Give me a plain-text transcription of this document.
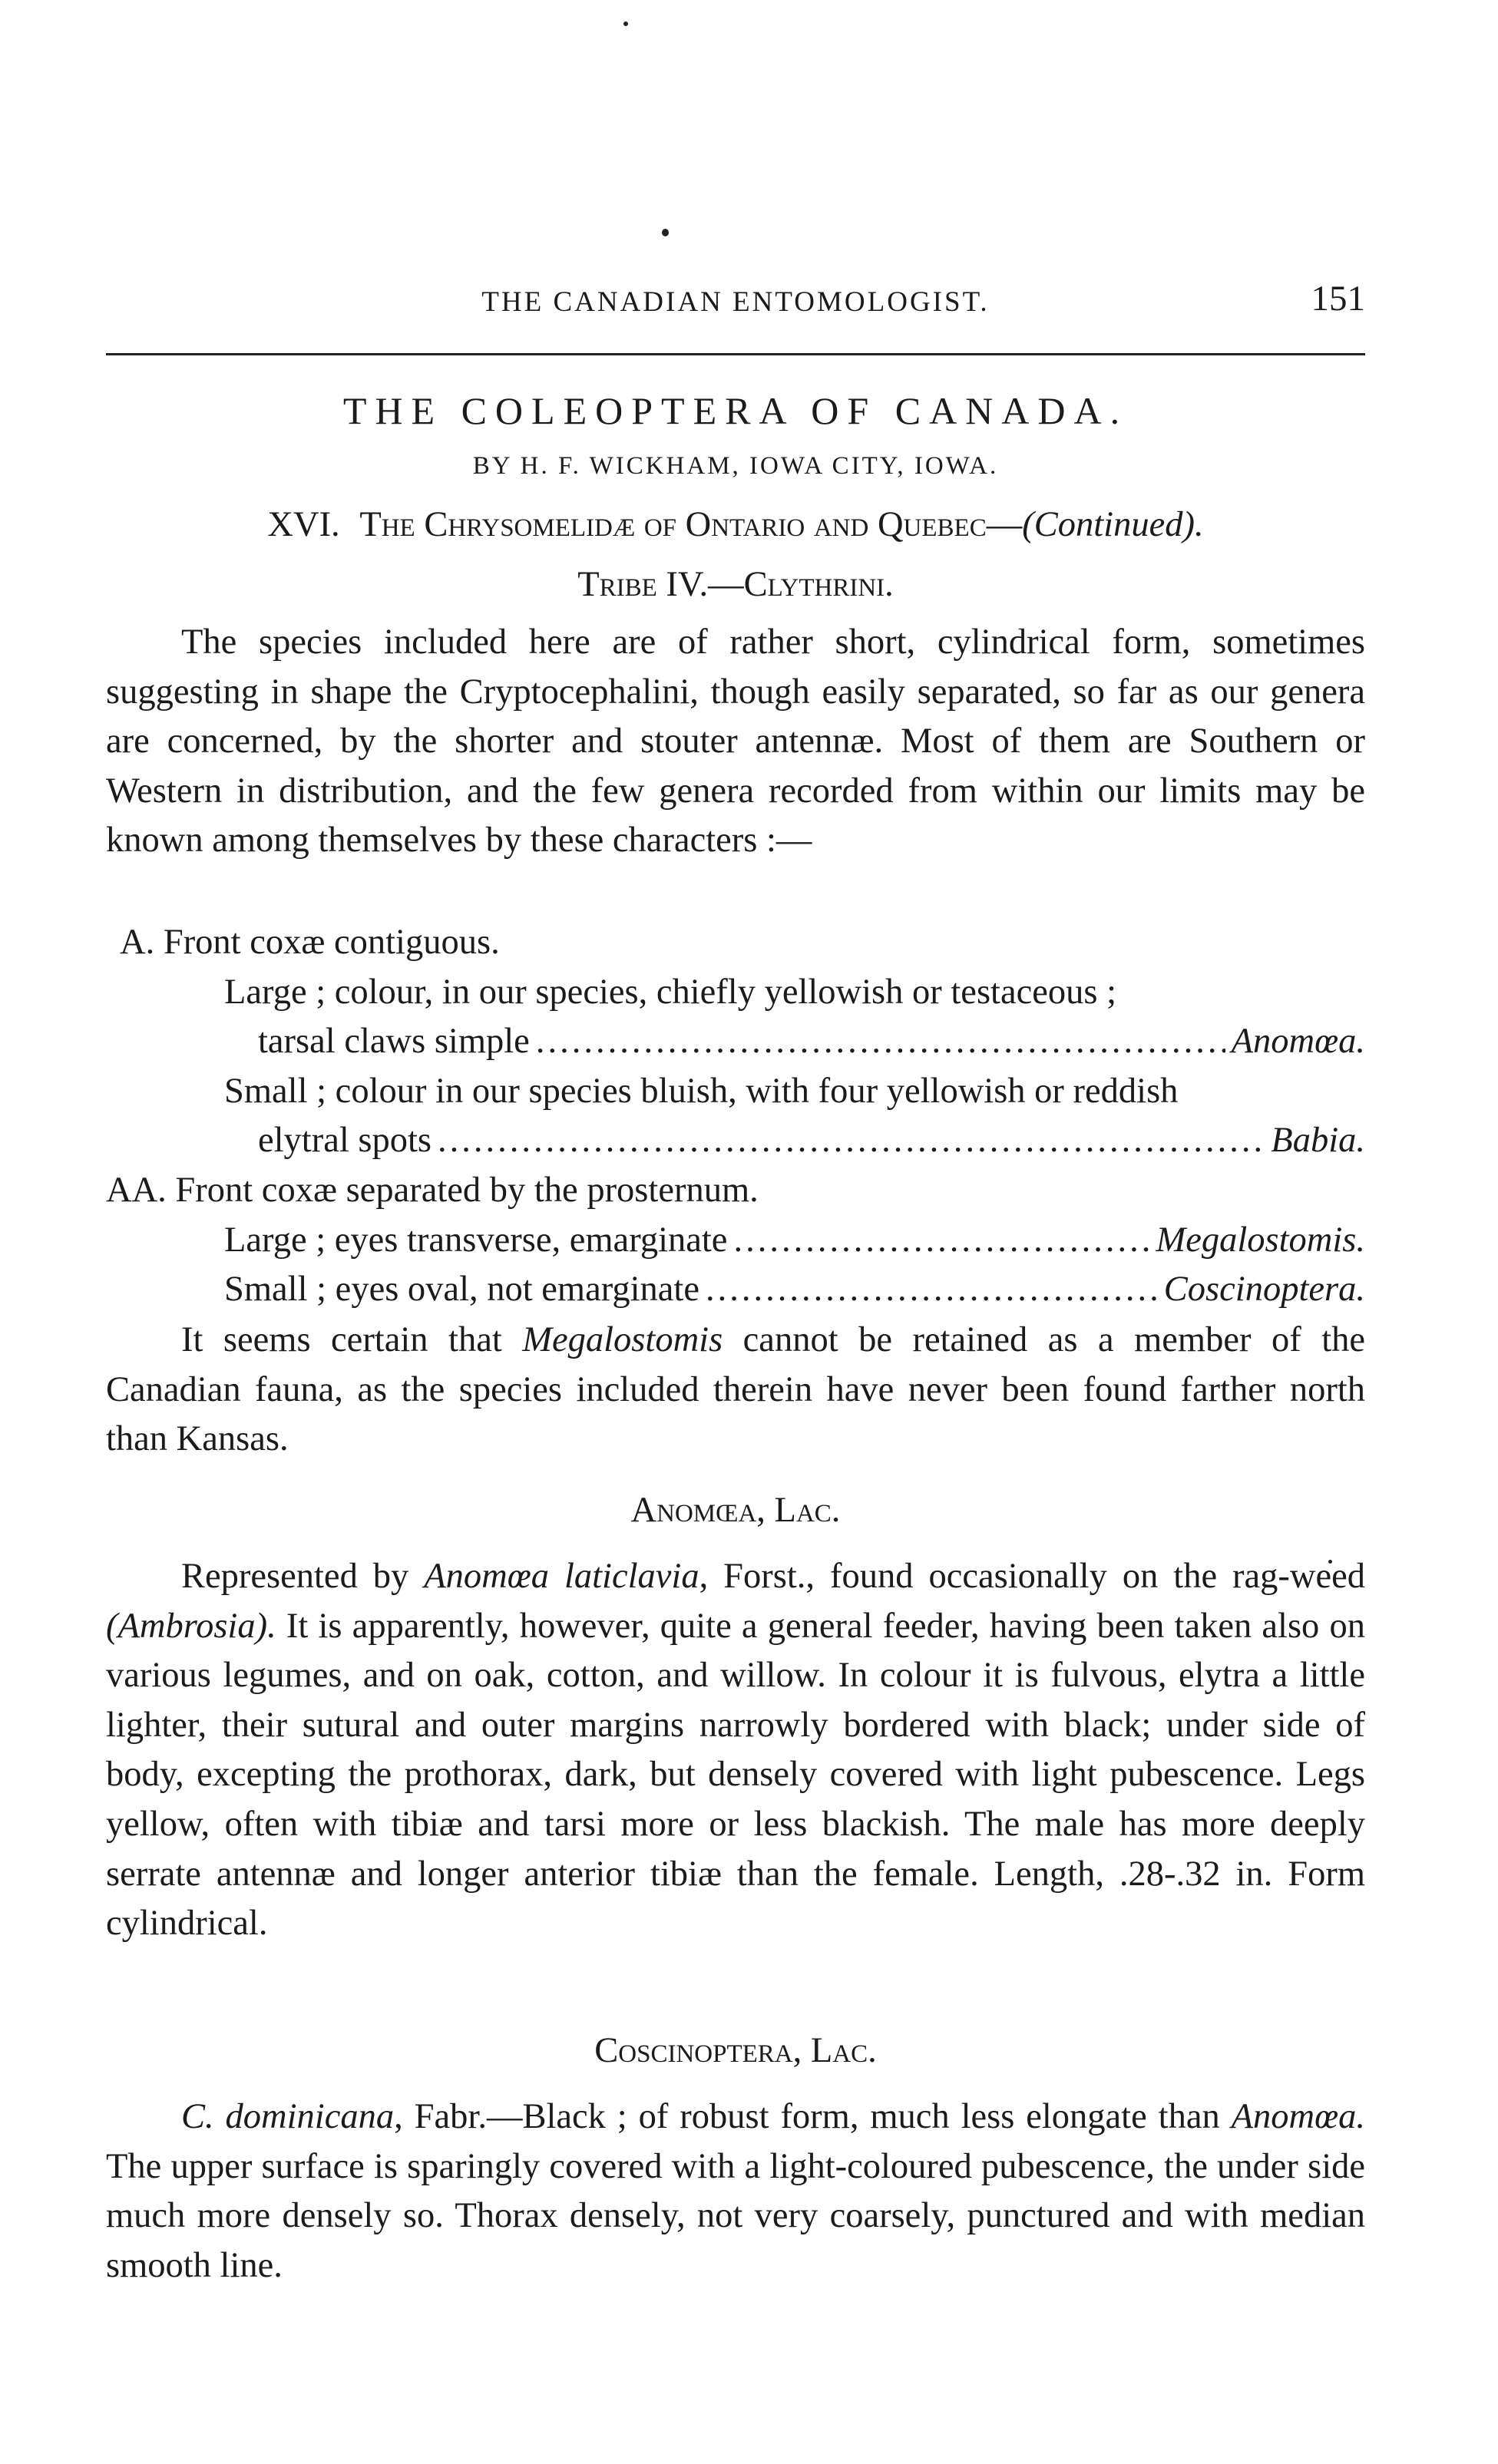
THE CANADIAN ENTOMOLOGIST.	151
THE COLEOPTERA OF CANADA.
BY H. F. WICKHAM, IOWA CITY, IOWA.
XVI. The Chrysomelidæ of Ontario and Quebec—(Continued).
Tribe IV.—Clythrini.

The species included here are of rather short, cylindrical form, sometimes suggesting in shape the Cryptocephalini, though easily separated, so far as our genera are concerned, by the shorter and stouter antennæ. Most of them are Southern or Western in distribution, and the few genera recorded from within our limits may be known among themselves by these characters :—

A. Front coxæ contiguous.
Large ; colour, in our species, chiefly yellowish or testaceous ;
tarsal claws simple .....	Anomœa.
Small ; colour in our species bluish, with four yellowish or reddish
elytral spots .....	Babia.
AA. Front coxæ separated by the prosternum.
Large ; eyes transverse, emarginate .....	Megalostomis.
Small ; eyes oval, not emarginate .....	Coscinoptera.

It seems certain that Megalostomis cannot be retained as a member of the Canadian fauna, as the species included therein have never been found farther north than Kansas.

Anomœa, Lac.

Represented by Anomœa laticlavia, Forst., found occasionally on the rag-weed (Ambrosia). It is apparently, however, quite a general feeder, having been taken also on various legumes, and on oak, cotton, and willow. In colour it is fulvous, elytra a little lighter, their sutural and outer margins narrowly bordered with black; under side of body, excepting the prothorax, dark, but densely covered with light pubescence. Legs yellow, often with tibiæ and tarsi more or less blackish. The male has more deeply serrate antennæ and longer anterior tibiæ than the female. Length, .28-.32 in. Form cylindrical.

Coscinoptera, Lac.

C. dominicana, Fabr.—Black ; of robust form, much less elongate than Anomœa. The upper surface is sparingly covered with a light-coloured pubescence, the under side much more densely so. Thorax densely, not very coarsely, punctured and with median smooth line.
